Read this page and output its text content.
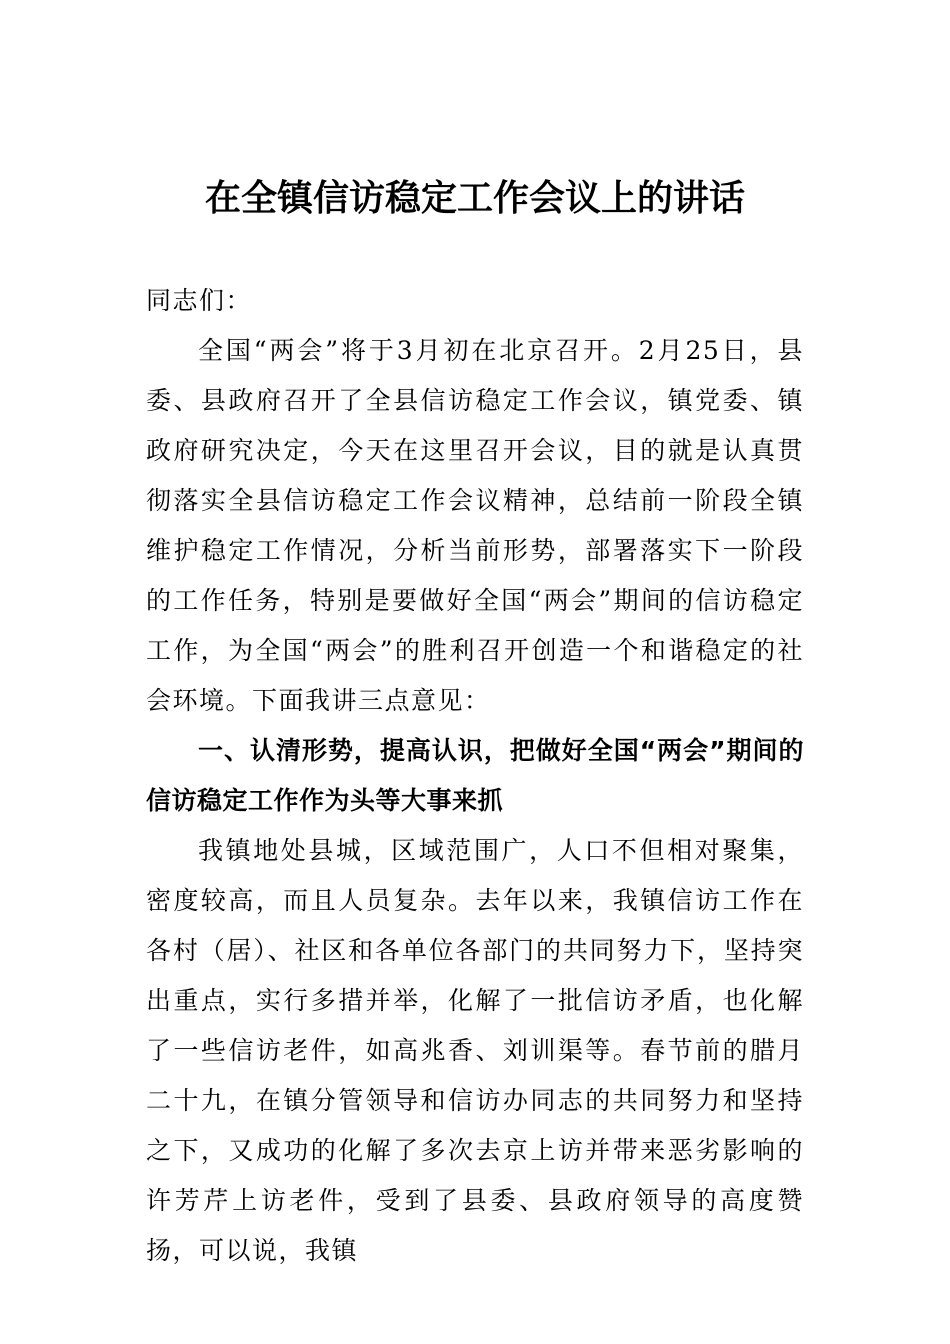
在全镇信访稳定工作会议上的讲话

同志们：

全国“两会”将于3月初在北京召开。2月25日，县委、县政府召开了全县信访稳定工作会议，镇党委、镇政府研究决定，今天在这里召开会议，目的就是认真贯彻落实全县信访稳定工作会议精神，总结前一阶段全镇维护稳定工作情况，分析当前形势，部署落实下一阶段的工作任务，特别是要做好全国“两会”期间的信访稳定工作，为全国“两会”的胜利召开创造一个和谐稳定的社会环境。下面我讲三点意见：

一、认清形势，提高认识，把做好全国“两会”期间的信访稳定工作作为头等大事来抓

我镇地处县城，区域范围广，人口不但相对聚集，密度较高，而且人员复杂。去年以来，我镇信访工作在各村（居）、社区和各单位各部门的共同努力下，坚持突出重点，实行多措并举，化解了一批信访矛盾，也化解了一些信访老件，如高兆香、刘训渠等。春节前的腊月二十九，在镇分管领导和信访办同志的共同努力和坚持之下，又成功的化解了多次去京上访并带来恶劣影响的许芳芹上访老件，受到了县委、县政府领导的高度赞扬，可以说，我镇
